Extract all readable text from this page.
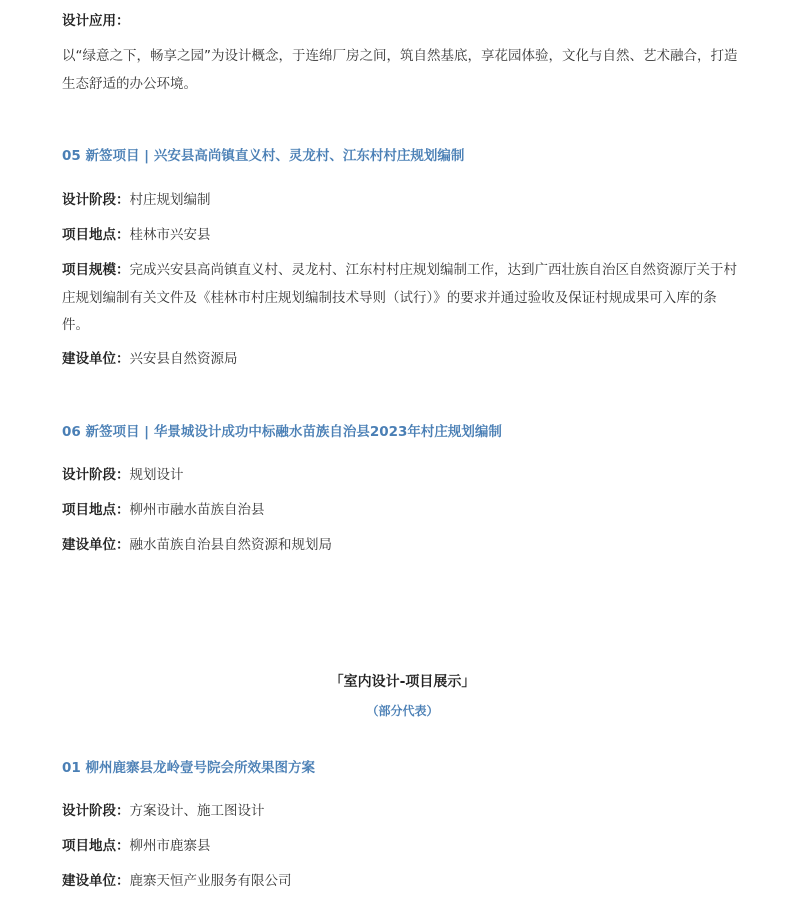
设计应用：
以“绿意之下，畅享之园”为设计概念，于连绵厂房之间，筑自然基底，享花园体验，文化与自然、艺术融合，打造生态舒适的办公环境。
05 新签项目 | 兴安县高尚镇直义村、灵龙村、江东村村庄规划编制
设计阶段：村庄规划编制
项目地点：桂林市兴安县
项目规模：完成兴安县高尚镇直义村、灵龙村、江东村村庄规划编制工作，达到广西壮族自治区自然资源厅关于村庄规划编制有关文件及《桂林市村庄规划编制技术导则（试行）》的要求并通过验收及保证村规成果可入库的条件。
建设单位：兴安县自然资源局
06 新签项目 | 华景城设计成功中标融水苗族自治县2023年村庄规划编制
设计阶段：规划设计
项目地点：柳州市融水苗族自治县
建设单位：融水苗族自治县自然资源和规划局
「室内设计-项目展示」
（部分代表）
01 柳州鹿寨县龙岭壹号院会所效果图方案
设计阶段：方案设计、施工图设计
项目地点：柳州市鹿寨县
建设单位：鹿寨天恒产业服务有限公司
